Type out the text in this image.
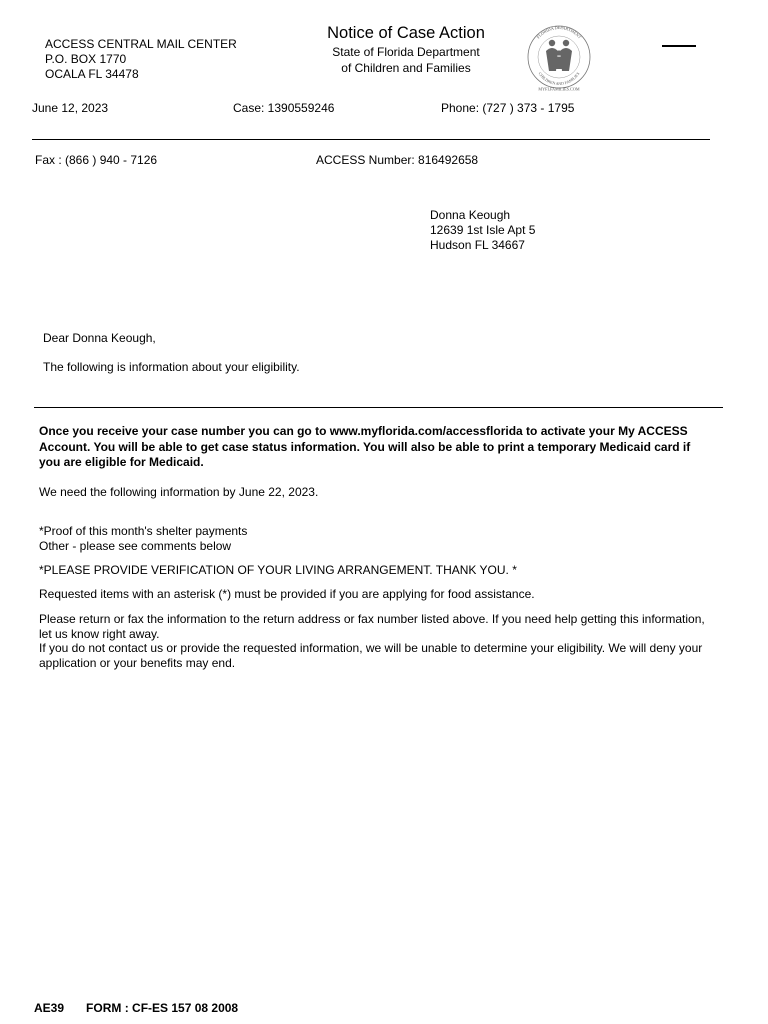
ACCESS CENTRAL MAIL CENTER
P.O. BOX 1770
OCALA FL 34478
Notice of Case Action
State of Florida Department
of Children and Families
FLORIDA DEPARTMENT
CHILDREN AND FAMILIES
MYFLFAMILIES.COM
June 12, 2023	Case: 1390559246	Phone: (727 ) 373 - 1795
Fax : (866 ) 940 - 7126	ACCESS Number: 816492658
Donna Keough
12639 1st Isle Apt 5
Hudson FL 34667
Dear Donna Keough,
The following is information about your eligibility.
Once you receive your case number you can go to www.myflorida.com/accessflorida to activate your My ACCESS Account. You will be able to get case status information. You will also be able to print a temporary Medicaid card if you are eligible for Medicaid.
We need the following information by June 22, 2023.
*Proof of this month's shelter payments
Other - please see comments below
*PLEASE PROVIDE VERIFICATION OF YOUR LIVING ARRANGEMENT. THANK YOU. *
Requested items with an asterisk (*) must be provided if you are applying for food assistance.
Please return or fax the information to the return address or fax number listed above. If you need help getting this information, let us know right away.
If you do not contact us or provide the requested information, we will be unable to determine your eligibility. We will deny your application or your benefits may end.
AE39 FORM : CF-ES 157 08 2008
